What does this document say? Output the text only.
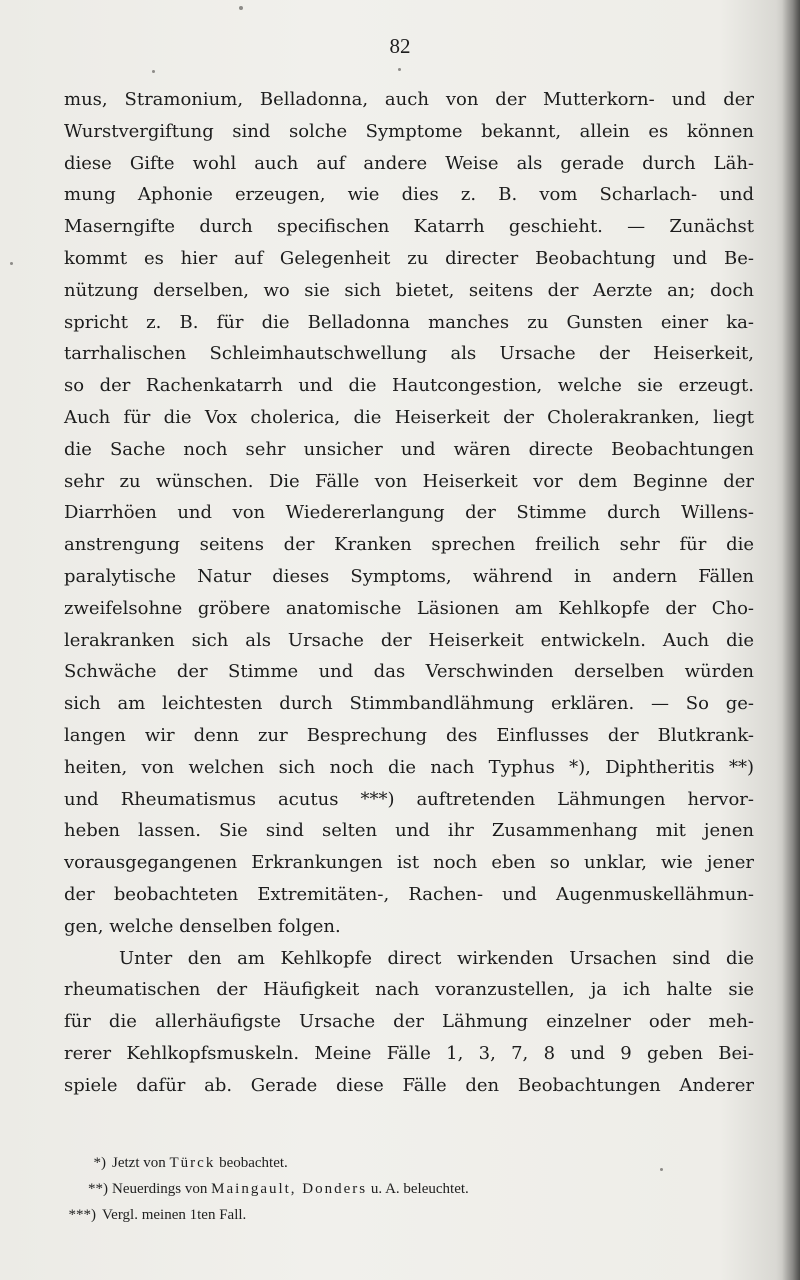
82
mus, Stramonium, Belladonna, auch von der Mutterkorn- und der
Wurstvergiftung sind solche Symptome bekannt, allein es können
diese Gifte wohl auch auf andere Weise als gerade durch Läh-
mung Aphonie erzeugen, wie dies z. B. vom Scharlach- und
Maserngifte durch specifischen Katarrh geschieht. — Zunächst
kommt es hier auf Gelegenheit zu directer Beobachtung und Be-
nützung derselben, wo sie sich bietet, seitens der Aerzte an; doch
spricht z. B. für die Belladonna manches zu Gunsten einer ka-
tarrhalischen Schleimhautschwellung als Ursache der Heiserkeit,
so der Rachenkatarrh und die Hautcongestion, welche sie erzeugt.
Auch für die Vox cholerica, die Heiserkeit der Cholerakranken, liegt
die Sache noch sehr unsicher und wären directe Beobachtungen
sehr zu wünschen. Die Fälle von Heiserkeit vor dem Beginne der
Diarrhöen und von Wiedererlangung der Stimme durch Willens-
anstrengung seitens der Kranken sprechen freilich sehr für die
paralytische Natur dieses Symptoms, während in andern Fällen
zweifelsohne gröbere anatomische Läsionen am Kehlkopfe der Cho-
lerakranken sich als Ursache der Heiserkeit entwickeln. Auch die
Schwäche der Stimme und das Verschwinden derselben würden
sich am leichtesten durch Stimmbandlähmung erklären. — So ge-
langen wir denn zur Besprechung des Einflusses der Blutkrank-
heiten, von welchen sich noch die nach Typhus *), Diphtheritis **)
und Rheumatismus acutus ***) auftretenden Lähmungen hervor-
heben lassen. Sie sind selten und ihr Zusammenhang mit jenen
vorausgegangenen Erkrankungen ist noch eben so unklar, wie jener
der beobachteten Extremitäten-, Rachen- und Augenmuskellähmun-
gen, welche denselben folgen.
Unter den am Kehlkopfe direct wirkenden Ursachen sind die
rheumatischen der Häufigkeit nach voranzustellen, ja ich halte sie
für die allerhäufigste Ursache der Lähmung einzelner oder meh-
rerer Kehlkopfsmuskeln. Meine Fälle 1, 3, 7, 8 und 9 geben Bei-
spiele dafür ab. Gerade diese Fälle den Beobachtungen Anderer
*) Jetzt von Türck beobachtet.
**) Neuerdings von Maingault, Donders u. A. beleuchtet.
***) Vergl. meinen 1ten Fall.
